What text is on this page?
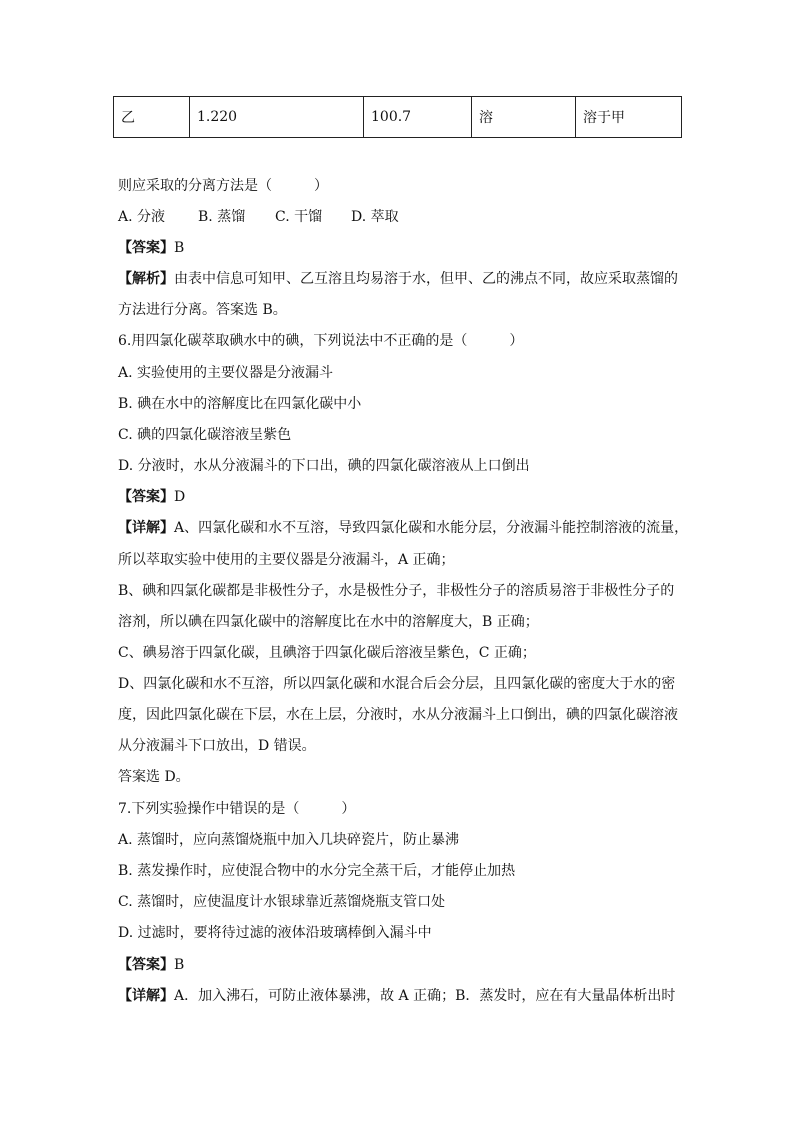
乙	1.220	100.7	溶	溶于甲
则应采取的分离方法是（　　　）
A. 分液 B. 蒸馏 C. 干馏 D. 萃取
【答案】B
【解析】由表中信息可知甲、乙互溶且均易溶于水，但甲、乙的沸点不同，故应采取蒸馏的
方法进行分离。答案选 B。
6.用四氯化碳萃取碘水中的碘，下列说法中不正确的是（　　　）
A. 实验使用的主要仪器是分液漏斗
B. 碘在水中的溶解度比在四氯化碳中小
C. 碘的四氯化碳溶液呈紫色
D. 分液时，水从分液漏斗的下口出，碘的四氯化碳溶液从上口倒出
【答案】D
【详解】A、四氯化碳和水不互溶，导致四氯化碳和水能分层，分液漏斗能控制溶液的流量，
所以萃取实验中使用的主要仪器是分液漏斗，A 正确；
B、碘和四氯化碳都是非极性分子，水是极性分子，非极性分子的溶质易溶于非极性分子的
溶剂，所以碘在四氯化碳中的溶解度比在水中的溶解度大，B 正确；
C、碘易溶于四氯化碳，且碘溶于四氯化碳后溶液呈紫色，C 正确；
D、四氯化碳和水不互溶，所以四氯化碳和水混合后会分层，且四氯化碳的密度大于水的密
度，因此四氯化碳在下层，水在上层，分液时，水从分液漏斗上口倒出，碘的四氯化碳溶液
从分液漏斗下口放出，D 错误。
答案选 D。
7.下列实验操作中错误的是（　　　）
A. 蒸馏时，应向蒸馏烧瓶中加入几块碎瓷片，防止暴沸
B. 蒸发操作时，应使混合物中的水分完全蒸干后，才能停止加热
C. 蒸馏时，应使温度计水银球靠近蒸馏烧瓶支管口处
D. 过滤时，要将待过滤的液体沿玻璃棒倒入漏斗中
【答案】B
【详解】A．加入沸石，可防止液体暴沸，故 A 正确；B．蒸发时，应在有大量晶体析出时
